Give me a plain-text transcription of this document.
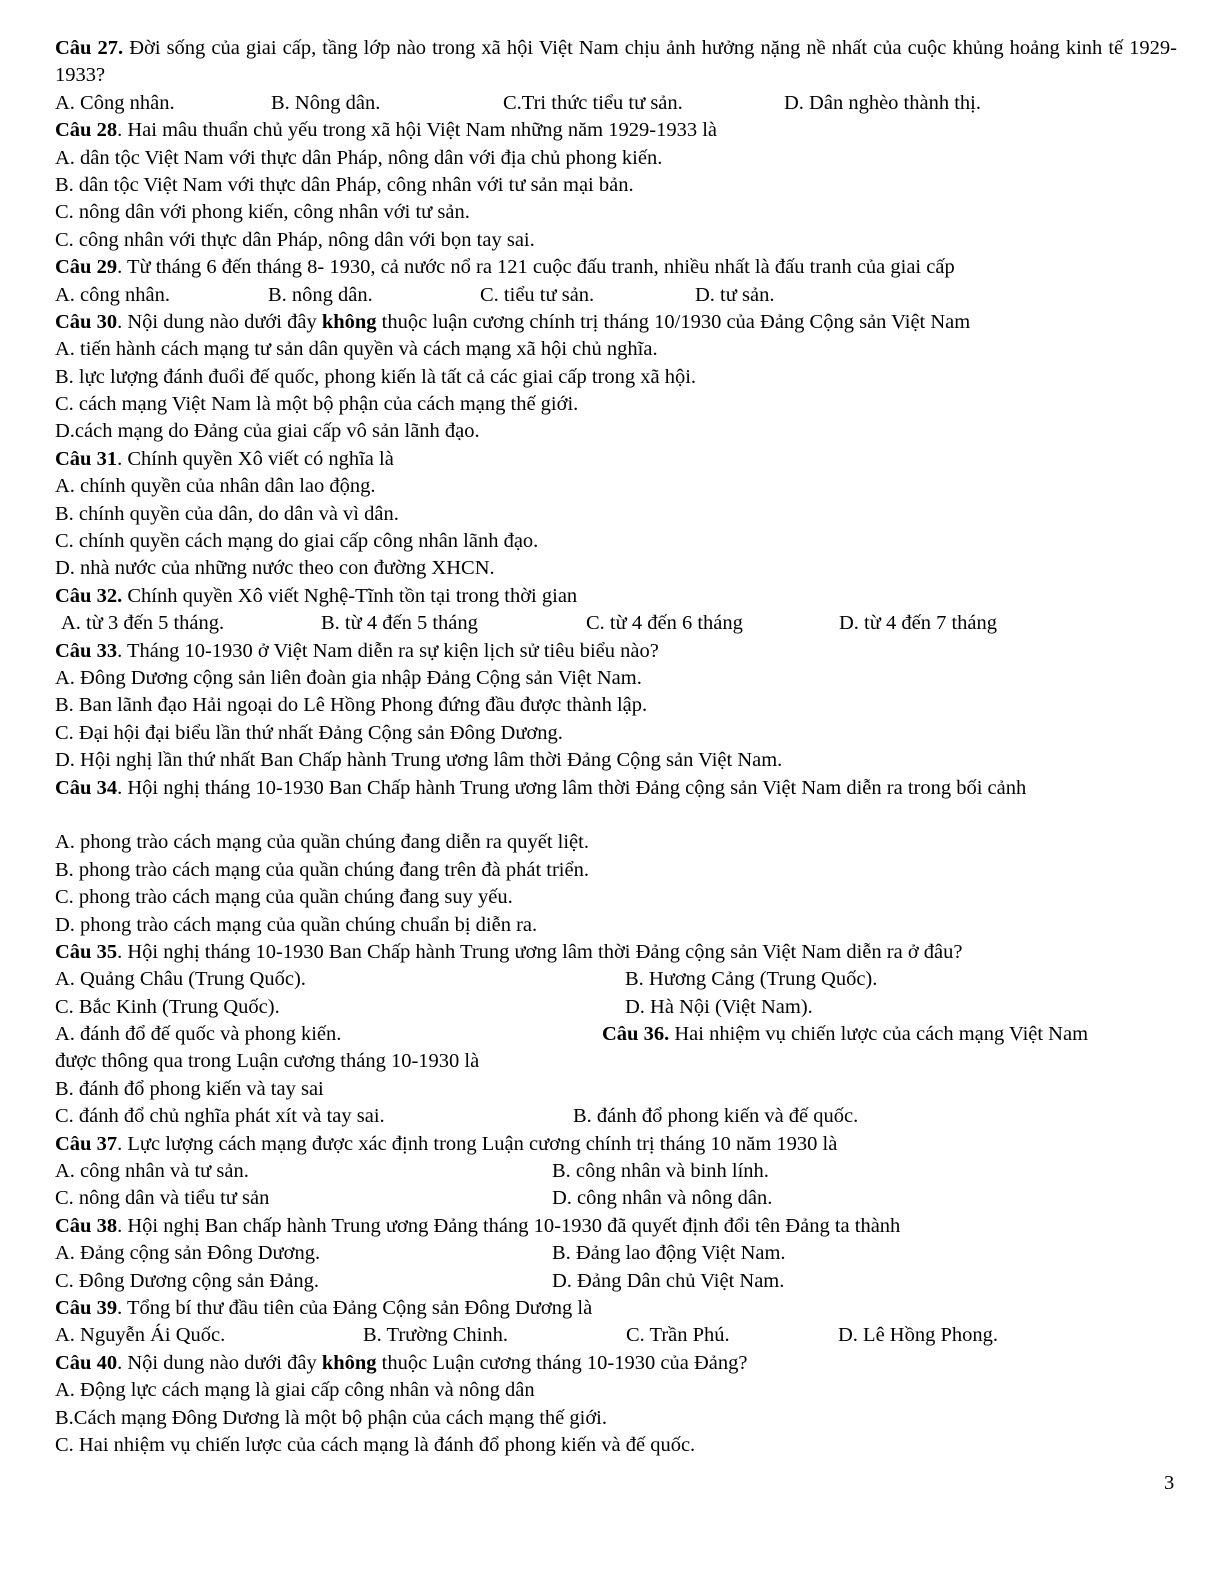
Câu 27. Đời sống của giai cấp, tầng lớp nào trong xã hội Việt Nam chịu ảnh hưởng nặng nề nhất của cuộc khủng hoảng kinh tế 1929-1933?
A. Công nhân.	B. Nông dân.	C.Tri thức tiểu tư sản.	D. Dân nghèo thành thị.
Câu 28. Hai mâu thuẩn chủ yếu trong xã hội Việt Nam những năm 1929-1933 là
A. dân tộc Việt Nam với thực dân Pháp, nông dân với địa chủ phong kiến.
B. dân tộc Việt Nam với thực dân Pháp, công nhân với tư sản mại bản.
C. nông dân với phong kiến, công nhân với tư sản.
C. công nhân với thực dân Pháp, nông dân với bọn tay sai.
Câu 29. Từ tháng 6 đến tháng 8- 1930, cả nước nổ ra 121 cuộc đấu tranh, nhiều nhất là đấu tranh của giai cấp
A. công nhân.	B. nông dân.	C. tiểu tư sản.	D. tư sản.
Câu 30. Nội dung nào dưới đây không thuộc luận cương chính trị tháng 10/1930 của Đảng Cộng sản Việt Nam
A. tiến hành cách mạng tư sản dân quyền và cách mạng xã hội chủ nghĩa.
B. lực lượng đánh đuổi đế quốc, phong kiến là tất cả các giai cấp trong xã hội.
C. cách mạng Việt Nam là một bộ phận của cách mạng thế giới.
D.cách mạng do Đảng của giai cấp vô sản lãnh đạo.
Câu 31. Chính quyền Xô viết có nghĩa là
A. chính quyền của nhân dân lao động.
B. chính quyền của dân, do dân và vì dân.
C. chính quyền cách mạng do giai cấp công nhân lãnh đạo.
D. nhà nước của những nước theo con đường XHCN.
Câu 32. Chính quyền Xô viết Nghệ-Tĩnh tồn tại trong thời gian
A. từ 3 đến 5 tháng.	B. từ 4 đến 5 tháng	C. từ 4 đến 6 tháng	D. từ 4 đến 7 tháng
Câu 33. Tháng 10-1930 ở Việt Nam diễn ra sự kiện lịch sử tiêu biểu nào?
A. Đông Dương cộng sản liên đoàn gia nhập Đảng Cộng sản Việt Nam.
B. Ban lãnh đạo Hải ngoại do Lê Hồng Phong đứng đầu được thành lập.
C. Đại hội đại biểu lần thứ nhất Đảng Cộng sản Đông Dương.
D. Hội nghị lần thứ nhất Ban Chấp hành Trung ương lâm thời Đảng Cộng sản Việt Nam.
Câu 34. Hội nghị tháng 10-1930 Ban Chấp hành Trung ương lâm thời Đảng cộng sản Việt Nam diễn ra trong bối cảnh
A. phong trào cách mạng của quần chúng đang diễn ra quyết liệt.
B. phong trào cách mạng của quần chúng đang trên đà phát triển.
C. phong trào cách mạng của quần chúng đang suy yếu.
D. phong trào cách mạng của quần chúng chuẩn bị diễn ra.
Câu 35. Hội nghị tháng 10-1930 Ban Chấp hành Trung ương lâm thời Đảng cộng sản Việt Nam diễn ra ở đâu?
A. Quảng Châu (Trung Quốc).	B. Hương Cảng (Trung Quốc).
C. Bắc Kinh (Trung Quốc).	D. Hà Nội (Việt Nam).
A. đánh đổ đế quốc và phong kiến.	Câu 36. Hai nhiệm vụ chiến lược của cách mạng Việt Nam
được thông qua trong Luận cương tháng 10-1930 là
B. đánh đổ phong kiến và tay sai
C. đánh đổ chủ nghĩa phát xít và tay sai.	B. đánh đổ phong kiến và đế quốc.
Câu 37. Lực lượng cách mạng được xác định trong Luận cương chính trị tháng 10 năm 1930 là
A. công nhân và tư sản.	B. công nhân và binh lính.
C. nông dân và tiểu tư sản	D. công nhân và nông dân.
Câu 38. Hội nghị Ban chấp hành Trung ương Đảng tháng 10-1930 đã quyết định đổi tên Đảng ta thành
A. Đảng cộng sản Đông Dương.	B. Đảng lao động Việt Nam.
C. Đông Dương cộng sản Đảng.	D. Đảng Dân chủ Việt Nam.
Câu 39. Tổng bí thư đầu tiên của Đảng Cộng sản Đông Dương là
A. Nguyễn Ái Quốc.	B. Trường Chinh.	C. Trần Phú.	D. Lê Hồng Phong.
Câu 40. Nội dung nào dưới đây không thuộc Luận cương tháng 10-1930 của Đảng?
A. Động lực cách mạng là giai cấp công nhân và nông dân
B.Cách mạng Đông Dương là một bộ phận của cách mạng thế giới.
C. Hai nhiệm vụ chiến lược của cách mạng là đánh đổ phong kiến và đế quốc.
3
